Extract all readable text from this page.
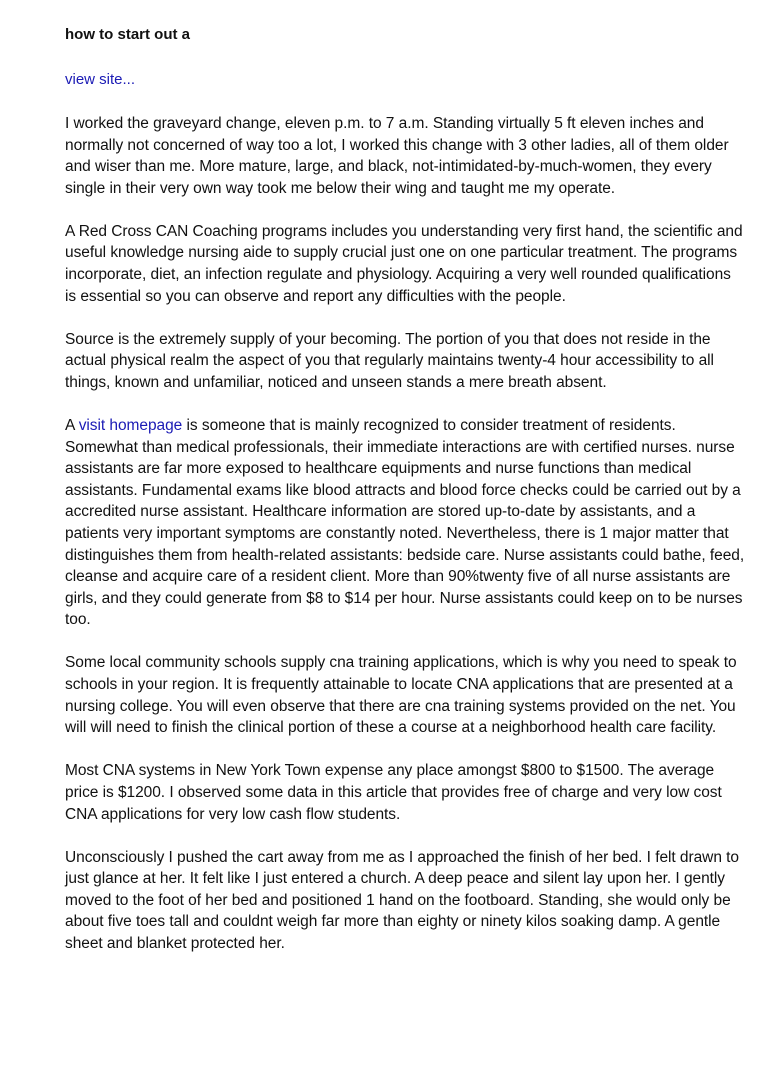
how to start out a
view site...

I worked the graveyard change, eleven p.m. to 7 a.m. Standing virtually 5 ft eleven inches and normally not concerned of way too a lot, I worked this change with 3 other ladies, all of them older and wiser than me. More mature, large, and black, not-intimidated-by-much-women, they every single in their very own way took me below their wing and taught me my operate.

A Red Cross CAN Coaching programs includes you understanding very first hand, the scientific and useful knowledge nursing aide to supply crucial just one on one particular treatment. The programs incorporate, diet, an infection regulate and physiology. Acquiring a very well rounded qualifications is essential so you can observe and report any difficulties with the people.

Source is the extremely supply of your becoming. The portion of you that does not reside in the actual physical realm the aspect of you that regularly maintains twenty-4 hour accessibility to all things, known and unfamiliar, noticed and unseen stands a mere breath absent.

A visit homepage is someone that is mainly recognized to consider treatment of residents. Somewhat than medical professionals, their immediate interactions are with certified nurses. nurse assistants are far more exposed to healthcare equipments and nurse functions than medical assistants. Fundamental exams like blood attracts and blood force checks could be carried out by a accredited nurse assistant. Healthcare information are stored up-to-date by assistants, and a patients very important symptoms are constantly noted. Nevertheless, there is 1 major matter that distinguishes them from health-related assistants: bedside care. Nurse assistants could bathe, feed, cleanse and acquire care of a resident client. More than 90%twenty five of all nurse assistants are girls, and they could generate from $8 to $14 per hour. Nurse assistants could keep on to be nurses too.

Some local community schools supply cna training applications, which is why you need to speak to schools in your region. It is frequently attainable to locate CNA applications that are presented at a nursing college. You will even observe that there are cna training systems provided on the net. You will will need to finish the clinical portion of these a course at a neighborhood health care facility.

Most CNA systems in New York Town expense any place amongst $800 to $1500. The average price is $1200. I observed some data in this article that provides free of charge and very low cost CNA applications for very low cash flow students.

Unconsciously I pushed the cart away from me as I approached the finish of her bed. I felt drawn to just glance at her. It felt like I just entered a church. A deep peace and silent lay upon her. I gently moved to the foot of her bed and positioned 1 hand on the footboard. Standing, she would only be about five toes tall and couldnt weigh far more than eighty or ninety kilos soaking damp. A gentle sheet and blanket protected her.
